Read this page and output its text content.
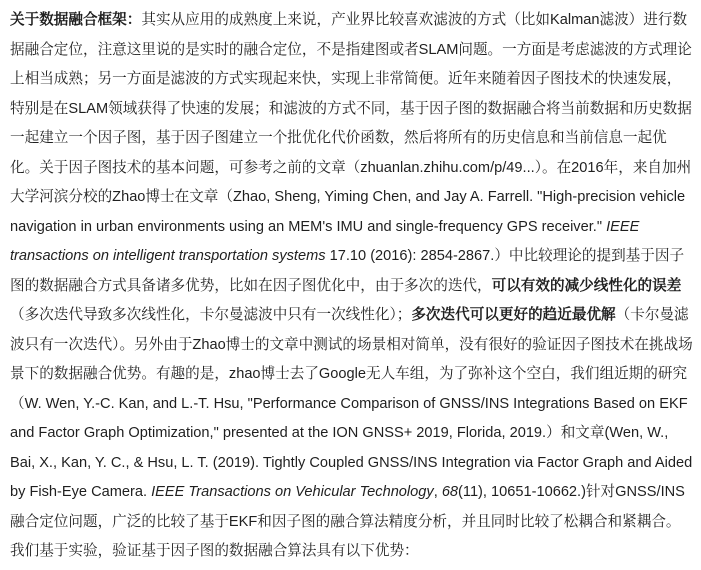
关于数据融合框架：其实从应用的成熟度上来说，产业界比较喜欢滤波的方式（比如Kalman滤波）进行数据融合定位，注意这里说的是实时的融合定位，不是指建图或者SLAM问题。一方面是考虑滤波的方式理论上相当成熟；另一方面是滤波的方式实现起来快，实现上非常简便。近年来随着因子图技术的快速发展，特别是在SLAM领域获得了快速的发展；和滤波的方式不同，基于因子图的数据融合将当前数据和历史数据一起建立一个因子图，基于因子图建立一个批优化代价函数，然后将所有的历史信息和当前信息一起优化。关于因子图技术的基本问题，可参考之前的文章（zhuanlan.zhihu.com/p/49...）。在2016年，来自加州大学河滨分校的Zhao博士在文章（Zhao, Sheng, Yiming Chen, and Jay A. Farrell. "High-precision vehicle navigation in urban environments using an MEM's IMU and single-frequency GPS receiver." IEEE transactions on intelligent transportation systems 17.10 (2016): 2854-2867.）中比较理论的提到基于因子图的数据融合方式具备诸多优势，比如在因子图优化中，由于多次的迭代，可以有效的减少线性化的误差（多次迭代导致多次线性化，卡尔曼滤波中只有一次线性化）；多次迭代可以更好的趋近最优解（卡尔曼滤波只有一次迭代）。另外由于Zhao博士的文章中测试的场景相对简单，没有很好的验证因子图技术在挑战场景下的数据融合优势。有趣的是，zhao博士去了Google无人车组，为了弥补这个空白，我们组近期的研究（W. Wen, Y.-C. Kan, and L.-T. Hsu, "Performance Comparison of GNSS/INS Integrations Based on EKF and Factor Graph Optimization," presented at the ION GNSS+ 2019, Florida, 2019.）和文章(Wen, W., Bai, X., Kan, Y. C., & Hsu, L. T. (2019). Tightly Coupled GNSS/INS Integration via Factor Graph and Aided by Fish-Eye Camera. IEEE Transactions on Vehicular Technology, 68(11), 10651-10662.)针对GNSS/INS融合定位问题，广泛的比较了基于EKF和因子图的融合算法精度分析，并且同时比较了松耦合和紧耦合。我们基于实验，验证基于因子图的数据融合算法具有以下优势：
